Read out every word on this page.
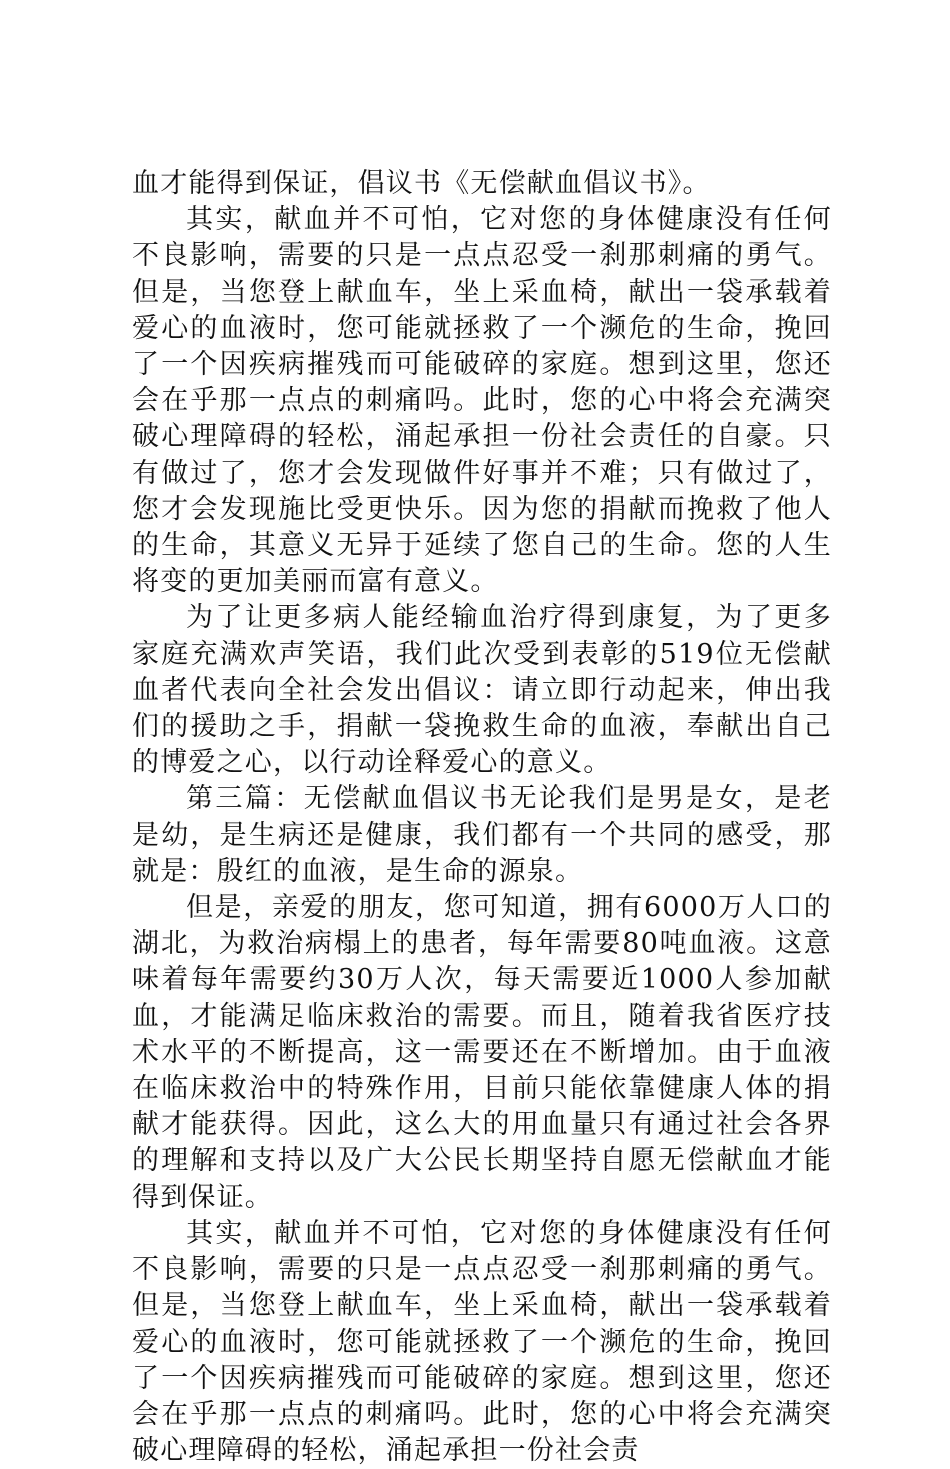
血才能得到保证，倡议书《无偿献血倡议书》。

其实，献血并不可怕，它对您的身体健康没有任何不良影响，需要的只是一点点忍受一刹那刺痛的勇气。但是，当您登上献血车，坐上采血椅，献出一袋承载着爱心的血液时，您可能就拯救了一个濒危的生命，挽回了一个因疾病摧残而可能破碎的家庭。想到这里，您还会在乎那一点点的刺痛吗。此时，您的心中将会充满突破心理障碍的轻松，涌起承担一份社会责任的自豪。只有做过了，您才会发现做件好事并不难；只有做过了，您才会发现施比受更快乐。因为您的捐献而挽救了他人的生命，其意义无异于延续了您自己的生命。您的人生将变的更加美丽而富有意义。

为了让更多病人能经输血治疗得到康复，为了更多家庭充满欢声笑语，我们此次受到表彰的519位无偿献血者代表向全社会发出倡议：请立即行动起来，伸出我们的援助之手，捐献一袋挽救生命的血液，奉献出自己的博爱之心，以行动诠释爱心的意义。

第三篇：无偿献血倡议书无论我们是男是女，是老是幼，是生病还是健康，我们都有一个共同的感受，那就是：殷红的血液，是生命的源泉。

但是，亲爱的朋友，您可知道，拥有6000万人口的湖北，为救治病榻上的患者，每年需要80吨血液。这意味着每年需要约30万人次，每天需要近1000人参加献血，才能满足临床救治的需要。而且，随着我省医疗技术水平的不断提高，这一需要还在不断增加。由于血液在临床救治中的特殊作用，目前只能依靠健康人体的捐献才能获得。因此，这么大的用血量只有通过社会各界的理解和支持以及广大公民长期坚持自愿无偿献血才能得到保证。

其实，献血并不可怕，它对您的身体健康没有任何不良影响，需要的只是一点点忍受一刹那刺痛的勇气。但是，当您登上献血车，坐上采血椅，献出一袋承载着爱心的血液时，您可能就拯救了一个濒危的生命，挽回了一个因疾病摧残而可能破碎的家庭。想到这里，您还会在乎那一点点的刺痛吗。此时，您的心中将会充满突破心理障碍的轻松，涌起承担一份社会责
